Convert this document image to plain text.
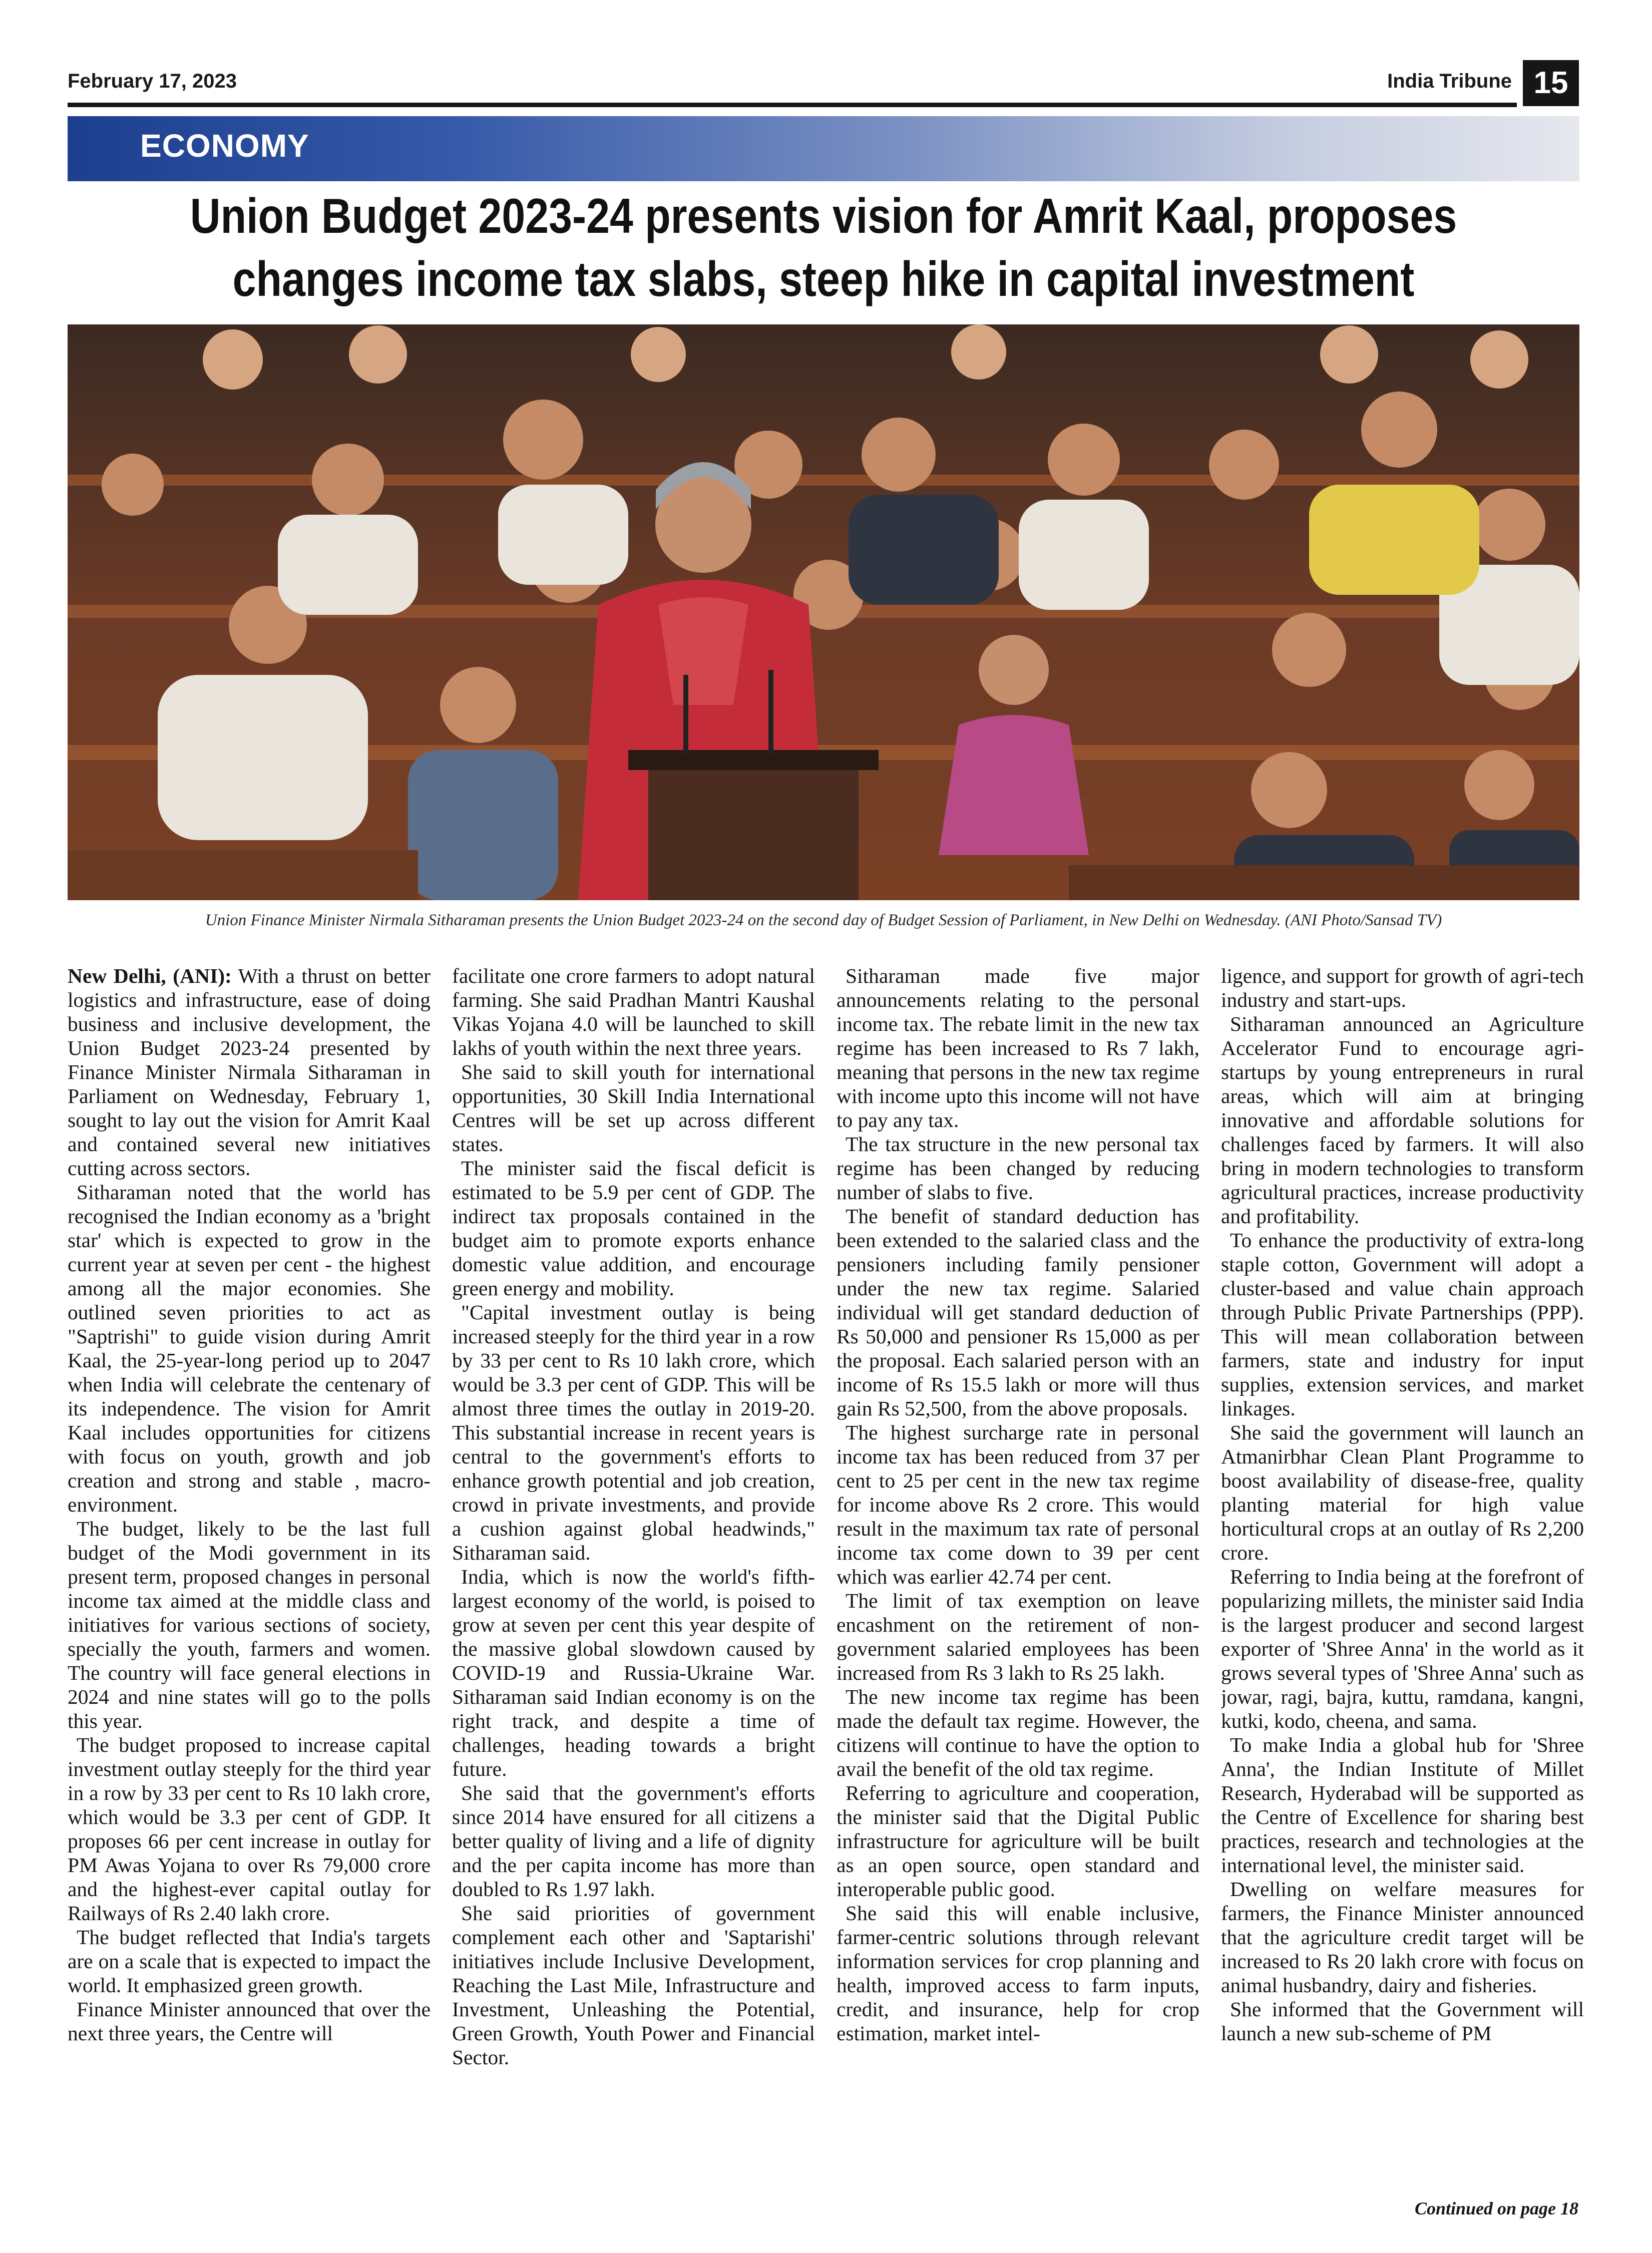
February 17, 2023	India Tribune 15
ECONOMY
Union Budget 2023-24 presents vision for Amrit Kaal, proposes changes income tax slabs, steep hike in capital investment
Union Finance Minister Nirmala Sitharaman presents the Union Budget 2023-24 on the second day of Budget Session of Parliament, in New Delhi on Wednesday. (ANI Photo/Sansad TV)

New Delhi, (ANI): With a thrust on better logistics and infrastructure, ease of doing business and inclusive development, the Union Budget 2023-24 presented by Finance Minister Nirmala Sitharaman in Parliament on Wednesday, February 1, sought to lay out the vision for Amrit Kaal and contained several new initiatives cutting across sectors.

Sitharaman noted that the world has recognised the Indian economy as a 'bright star' which is expected to grow in the current year at seven per cent - the highest among all the major economies. She outlined seven priorities to act as "Saptrishi" to guide vision during Amrit Kaal, the 25-year-long period up to 2047 when India will celebrate the centenary of its independence. The vision for Amrit Kaal includes opportunities for citizens with focus on youth, growth and job creation and strong and stable , macro-environment.

The budget, likely to be the last full budget of the Modi government in its present term, proposed changes in personal income tax aimed at the middle class and initiatives for various sections of society, specially the youth, farmers and women. The country will face general elections in 2024 and nine states will go to the polls this year.

The budget proposed to increase capital investment outlay steeply for the third year in a row by 33 per cent to Rs 10 lakh crore, which would be 3.3 per cent of GDP. It proposes 66 per cent increase in outlay for PM Awas Yojana to over Rs 79,000 crore and the highest-ever capital outlay for Railways of Rs 2.40 lakh crore.

The budget reflected that India's targets are on a scale that is expected to impact the world. It emphasized green growth.

Finance Minister announced that over the next three years, the Centre will

facilitate one crore farmers to adopt natural farming. She said Pradhan Mantri Kaushal Vikas Yojana 4.0 will be launched to skill lakhs of youth within the next three years.

She said to skill youth for international opportunities, 30 Skill India International Centres will be set up across different states.

The minister said the fiscal deficit is estimated to be 5.9 per cent of GDP. The indirect tax proposals contained in the budget aim to promote exports enhance domestic value addition, and encourage green energy and mobility.

"Capital investment outlay is being increased steeply for the third year in a row by 33 per cent to Rs 10 lakh crore, which would be 3.3 per cent of GDP. This will be almost three times the outlay in 2019-20. This substantial increase in recent years is central to the government's efforts to enhance growth potential and job creation, crowd in private investments, and provide a cushion against global headwinds," Sitharaman said.

India, which is now the world's fifth-largest economy of the world, is poised to grow at seven per cent this year despite of the massive global slowdown caused by COVID-19 and Russia-Ukraine War. Sitharaman said Indian economy is on the right track, and despite a time of challenges, heading towards a bright future.

She said that the government's efforts since 2014 have ensured for all citizens a better quality of living and a life of dignity and the per capita income has more than doubled to Rs 1.97 lakh.

She said priorities of government complement each other and 'Saptarishi' initiatives include Inclusive Development, Reaching the Last Mile, Infrastructure and Investment, Unleashing the Potential, Green Growth, Youth Power and Financial Sector.

Sitharaman made five major announcements relating to the personal income tax. The rebate limit in the new tax regime has been increased to Rs 7 lakh, meaning that persons in the new tax regime with income upto this income will not have to pay any tax.

The tax structure in the new personal tax regime has been changed by reducing number of slabs to five.

The benefit of standard deduction has been extended to the salaried class and the pensioners including family pensioner under the new tax regime. Salaried individual will get standard deduction of Rs 50,000 and pensioner Rs 15,000 as per the proposal. Each salaried person with an income of Rs 15.5 lakh or more will thus gain Rs 52,500, from the above proposals.

The highest surcharge rate in personal income tax has been reduced from 37 per cent to 25 per cent in the new tax regime for income above Rs 2 crore. This would result in the maximum tax rate of personal income tax come down to 39 per cent which was earlier 42.74 per cent.

The limit of tax exemption on leave encashment on the retirement of non-government salaried employees has been increased from Rs 3 lakh to Rs 25 lakh.

The new income tax regime has been made the default tax regime. However, the citizens will continue to have the option to avail the benefit of the old tax regime.

Referring to agriculture and cooperation, the minister said that the Digital Public infrastructure for agriculture will be built as an open source, open standard and interoperable public good.

She said this will enable inclusive, farmer-centric solutions through relevant information services for crop planning and health, improved access to farm inputs, credit, and insurance, help for crop estimation, market intel-

ligence, and support for growth of agri-tech industry and start-ups.

Sitharaman announced an Agriculture Accelerator Fund to encourage agri-startups by young entrepreneurs in rural areas, which will aim at bringing innovative and affordable solutions for challenges faced by farmers. It will also bring in modern technologies to transform agricultural practices, increase productivity and profitability.

To enhance the productivity of extra-long staple cotton, Government will adopt a cluster-based and value chain approach through Public Private Partnerships (PPP). This will mean collaboration between farmers, state and industry for input supplies, extension services, and market linkages.

She said the government will launch an Atmanirbhar Clean Plant Programme to boost availability of disease-free, quality planting material for high value horticultural crops at an outlay of Rs 2,200 crore.

Referring to India being at the forefront of popularizing millets, the minister said India is the largest producer and second largest exporter of 'Shree Anna' in the world as it grows several types of 'Shree Anna' such as jowar, ragi, bajra, kuttu, ramdana, kangni, kutki, kodo, cheena, and sama.

To make India a global hub for 'Shree Anna', the Indian Institute of Millet Research, Hyderabad will be supported as the Centre of Excellence for sharing best practices, research and technologies at the international level, the minister said.

Dwelling on welfare measures for farmers, the Finance Minister announced that the agriculture credit target will be increased to Rs 20 lakh crore with focus on animal husbandry, dairy and fisheries.

She informed that the Government will launch a new sub-scheme of PM

Continued on page 18
